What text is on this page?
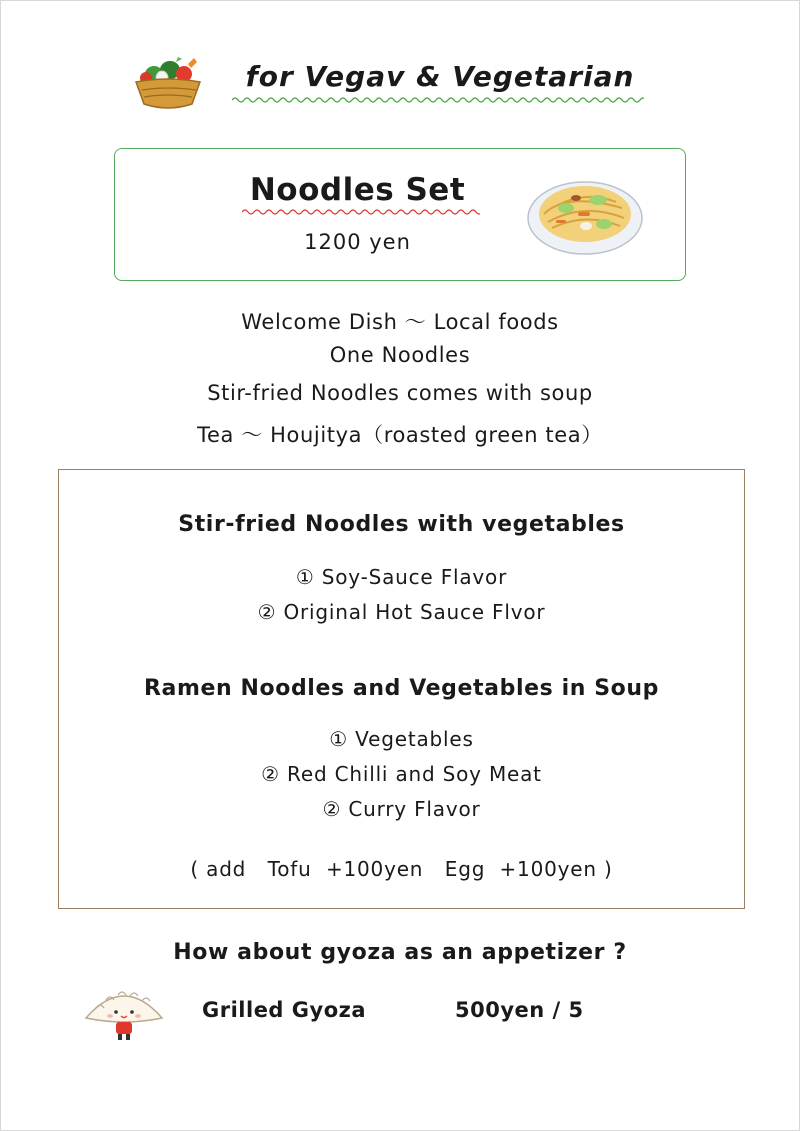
for Vegav & Vegetarian
Noodles Set
1200 yen
Welcome Dish ～ Local foods
One Noodles
Stir-fried Noodles comes with soup
Tea ～ Houjitya（roasted green tea）
Stir-fried Noodles with vegetables
① Soy-Sauce Flavor
② Original Hot Sauce Flvor
Ramen Noodles and Vegetables in Soup
① Vegetables
② Red Chilli and Soy Meat
② Curry Flavor
( add   Tofu  +100yen   Egg  +100yen )
How about gyoza as an appetizer ?
Grilled Gyoza	500yen / 5
